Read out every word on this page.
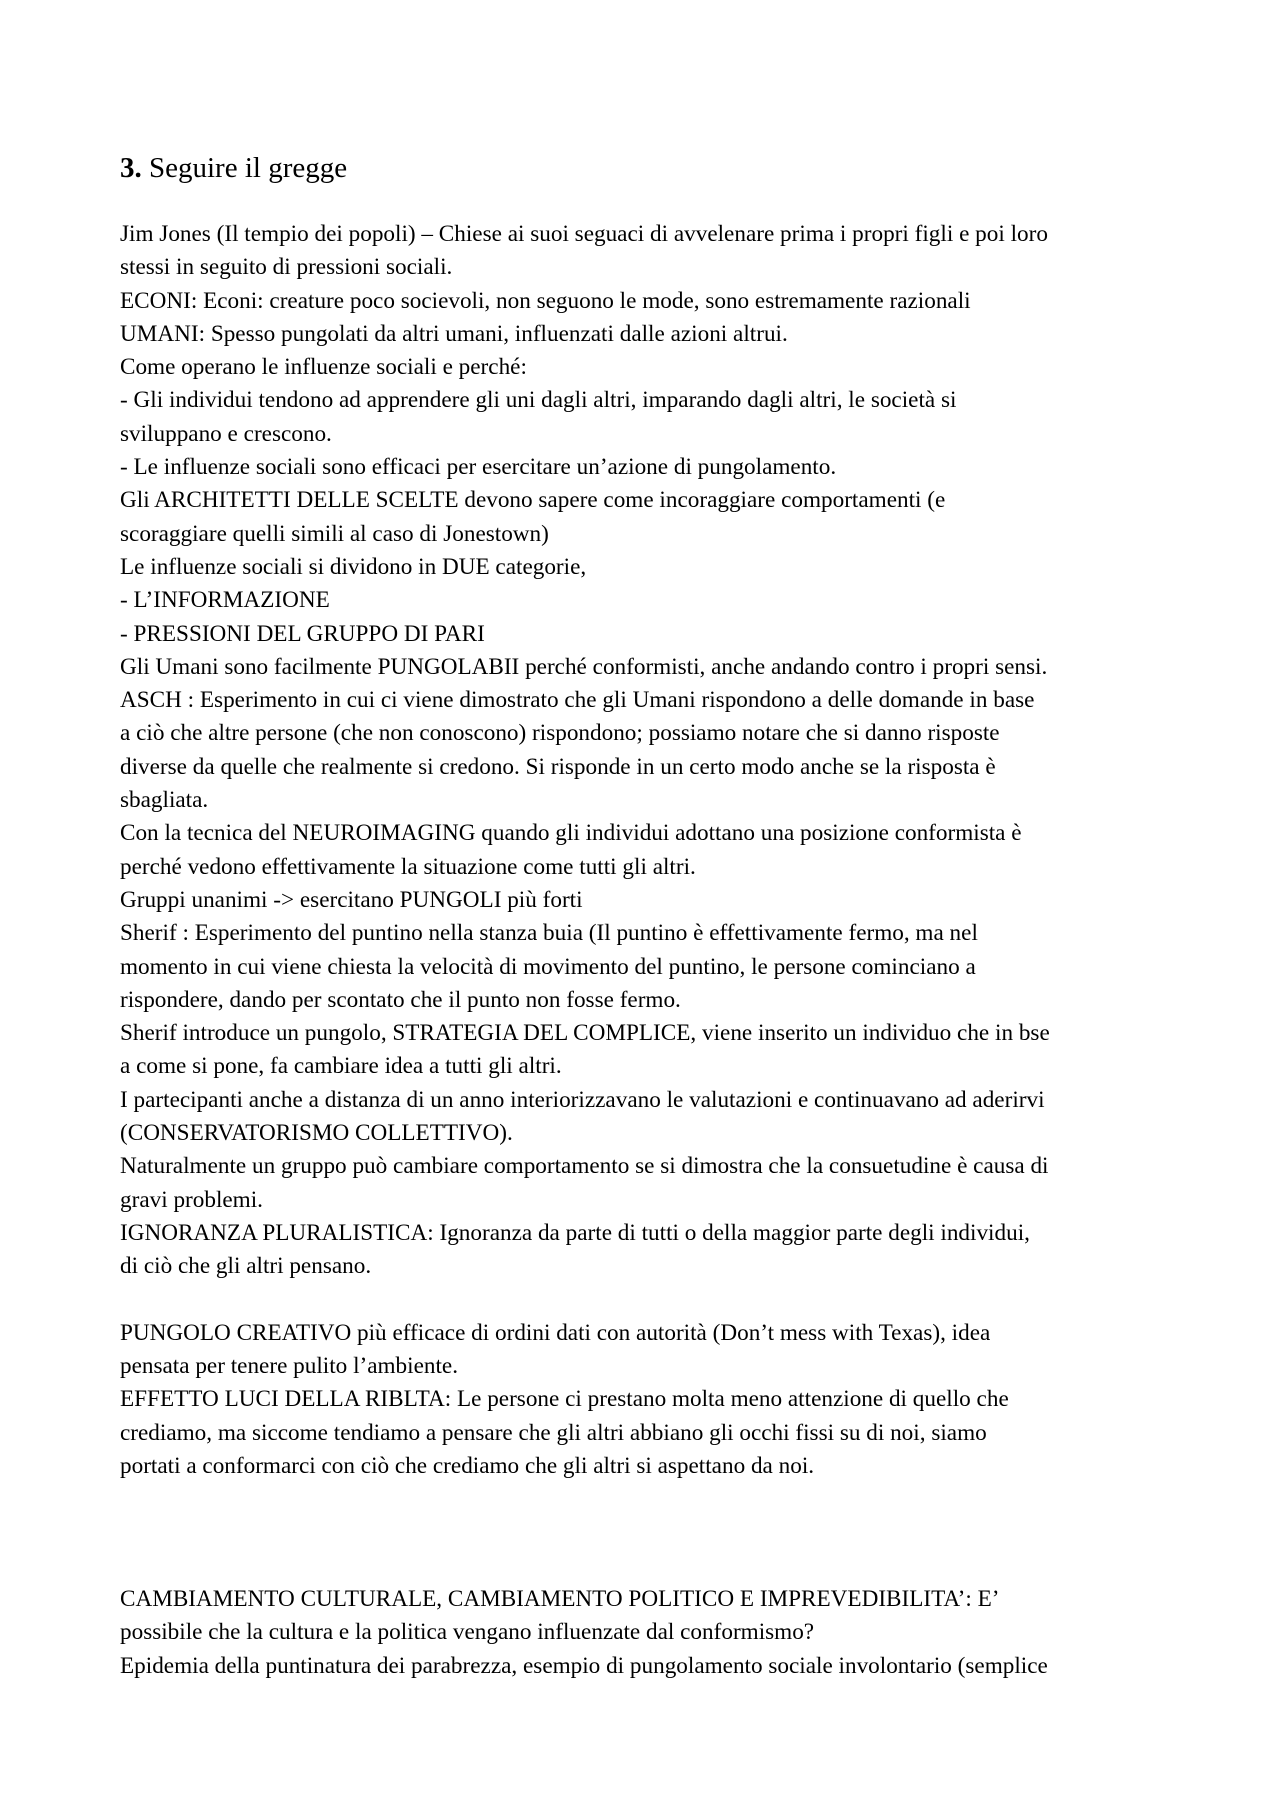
3. Seguire il gregge

Jim Jones (Il tempio dei popoli) – Chiese ai suoi seguaci di avvelenare prima i propri figli e poi loro

stessi in seguito di pressioni sociali.

ECONI: Econi: creature poco socievoli, non seguono le mode, sono estremamente razionali

UMANI: Spesso pungolati da altri umani, influenzati dalle azioni altrui.

Come operano le influenze sociali e perché:

- Gli individui tendono ad apprendere gli uni dagli altri, imparando dagli altri, le società si

sviluppano e crescono.

- Le influenze sociali sono efficaci per esercitare un’azione di pungolamento.

Gli ARCHITETTI DELLE SCELTE devono sapere come incoraggiare comportamenti (e

scoraggiare quelli simili al caso di Jonestown)

Le influenze sociali si dividono in DUE categorie,

- L’INFORMAZIONE

- PRESSIONI DEL GRUPPO DI PARI

Gli Umani sono facilmente PUNGOLABII perché conformisti, anche andando contro i propri sensi.

ASCH : Esperimento in cui ci viene dimostrato che gli Umani rispondono a delle domande in base

a ciò che altre persone (che non conoscono) rispondono; possiamo notare che si danno risposte

diverse da quelle che realmente si credono. Si risponde in un certo modo anche se la risposta è

sbagliata.

Con la tecnica del NEUROIMAGING quando gli individui adottano una posizione conformista è

perché vedono effettivamente la situazione come tutti gli altri.

Gruppi unanimi -> esercitano PUNGOLI più forti

Sherif : Esperimento del puntino nella stanza buia (Il puntino è effettivamente fermo, ma nel

momento in cui viene chiesta la velocità di movimento del puntino, le persone cominciano a

rispondere, dando per scontato che il punto non fosse fermo.

Sherif introduce un pungolo, STRATEGIA DEL COMPLICE, viene inserito un individuo che in bse

a come si pone, fa cambiare idea a tutti gli altri.

I partecipanti anche a distanza di un anno interiorizzavano le valutazioni e continuavano ad aderirvi

(CONSERVATORISMO COLLETTIVO).

Naturalmente un gruppo può cambiare comportamento se si dimostra che la consuetudine è causa di

gravi problemi.

IGNORANZA PLURALISTICA: Ignoranza da parte di tutti o della maggior parte degli individui,

di ciò che gli altri pensano.

PUNGOLO CREATIVO più efficace di ordini dati con autorità (Don’t mess with Texas), idea

pensata per tenere pulito l’ambiente.

EFFETTO LUCI DELLA RIBLTA: Le persone ci prestano molta meno attenzione di quello che

crediamo, ma siccome tendiamo a pensare che gli altri abbiano gli occhi fissi su di noi, siamo

portati a conformarci con ciò che crediamo che gli altri si aspettano da noi.

CAMBIAMENTO CULTURALE, CAMBIAMENTO POLITICO E IMPREVEDIBILITA’: E’

possibile che la cultura e la politica vengano influenzate dal conformismo?

Epidemia della puntinatura dei parabrezza, esempio di pungolamento sociale involontario (semplice
